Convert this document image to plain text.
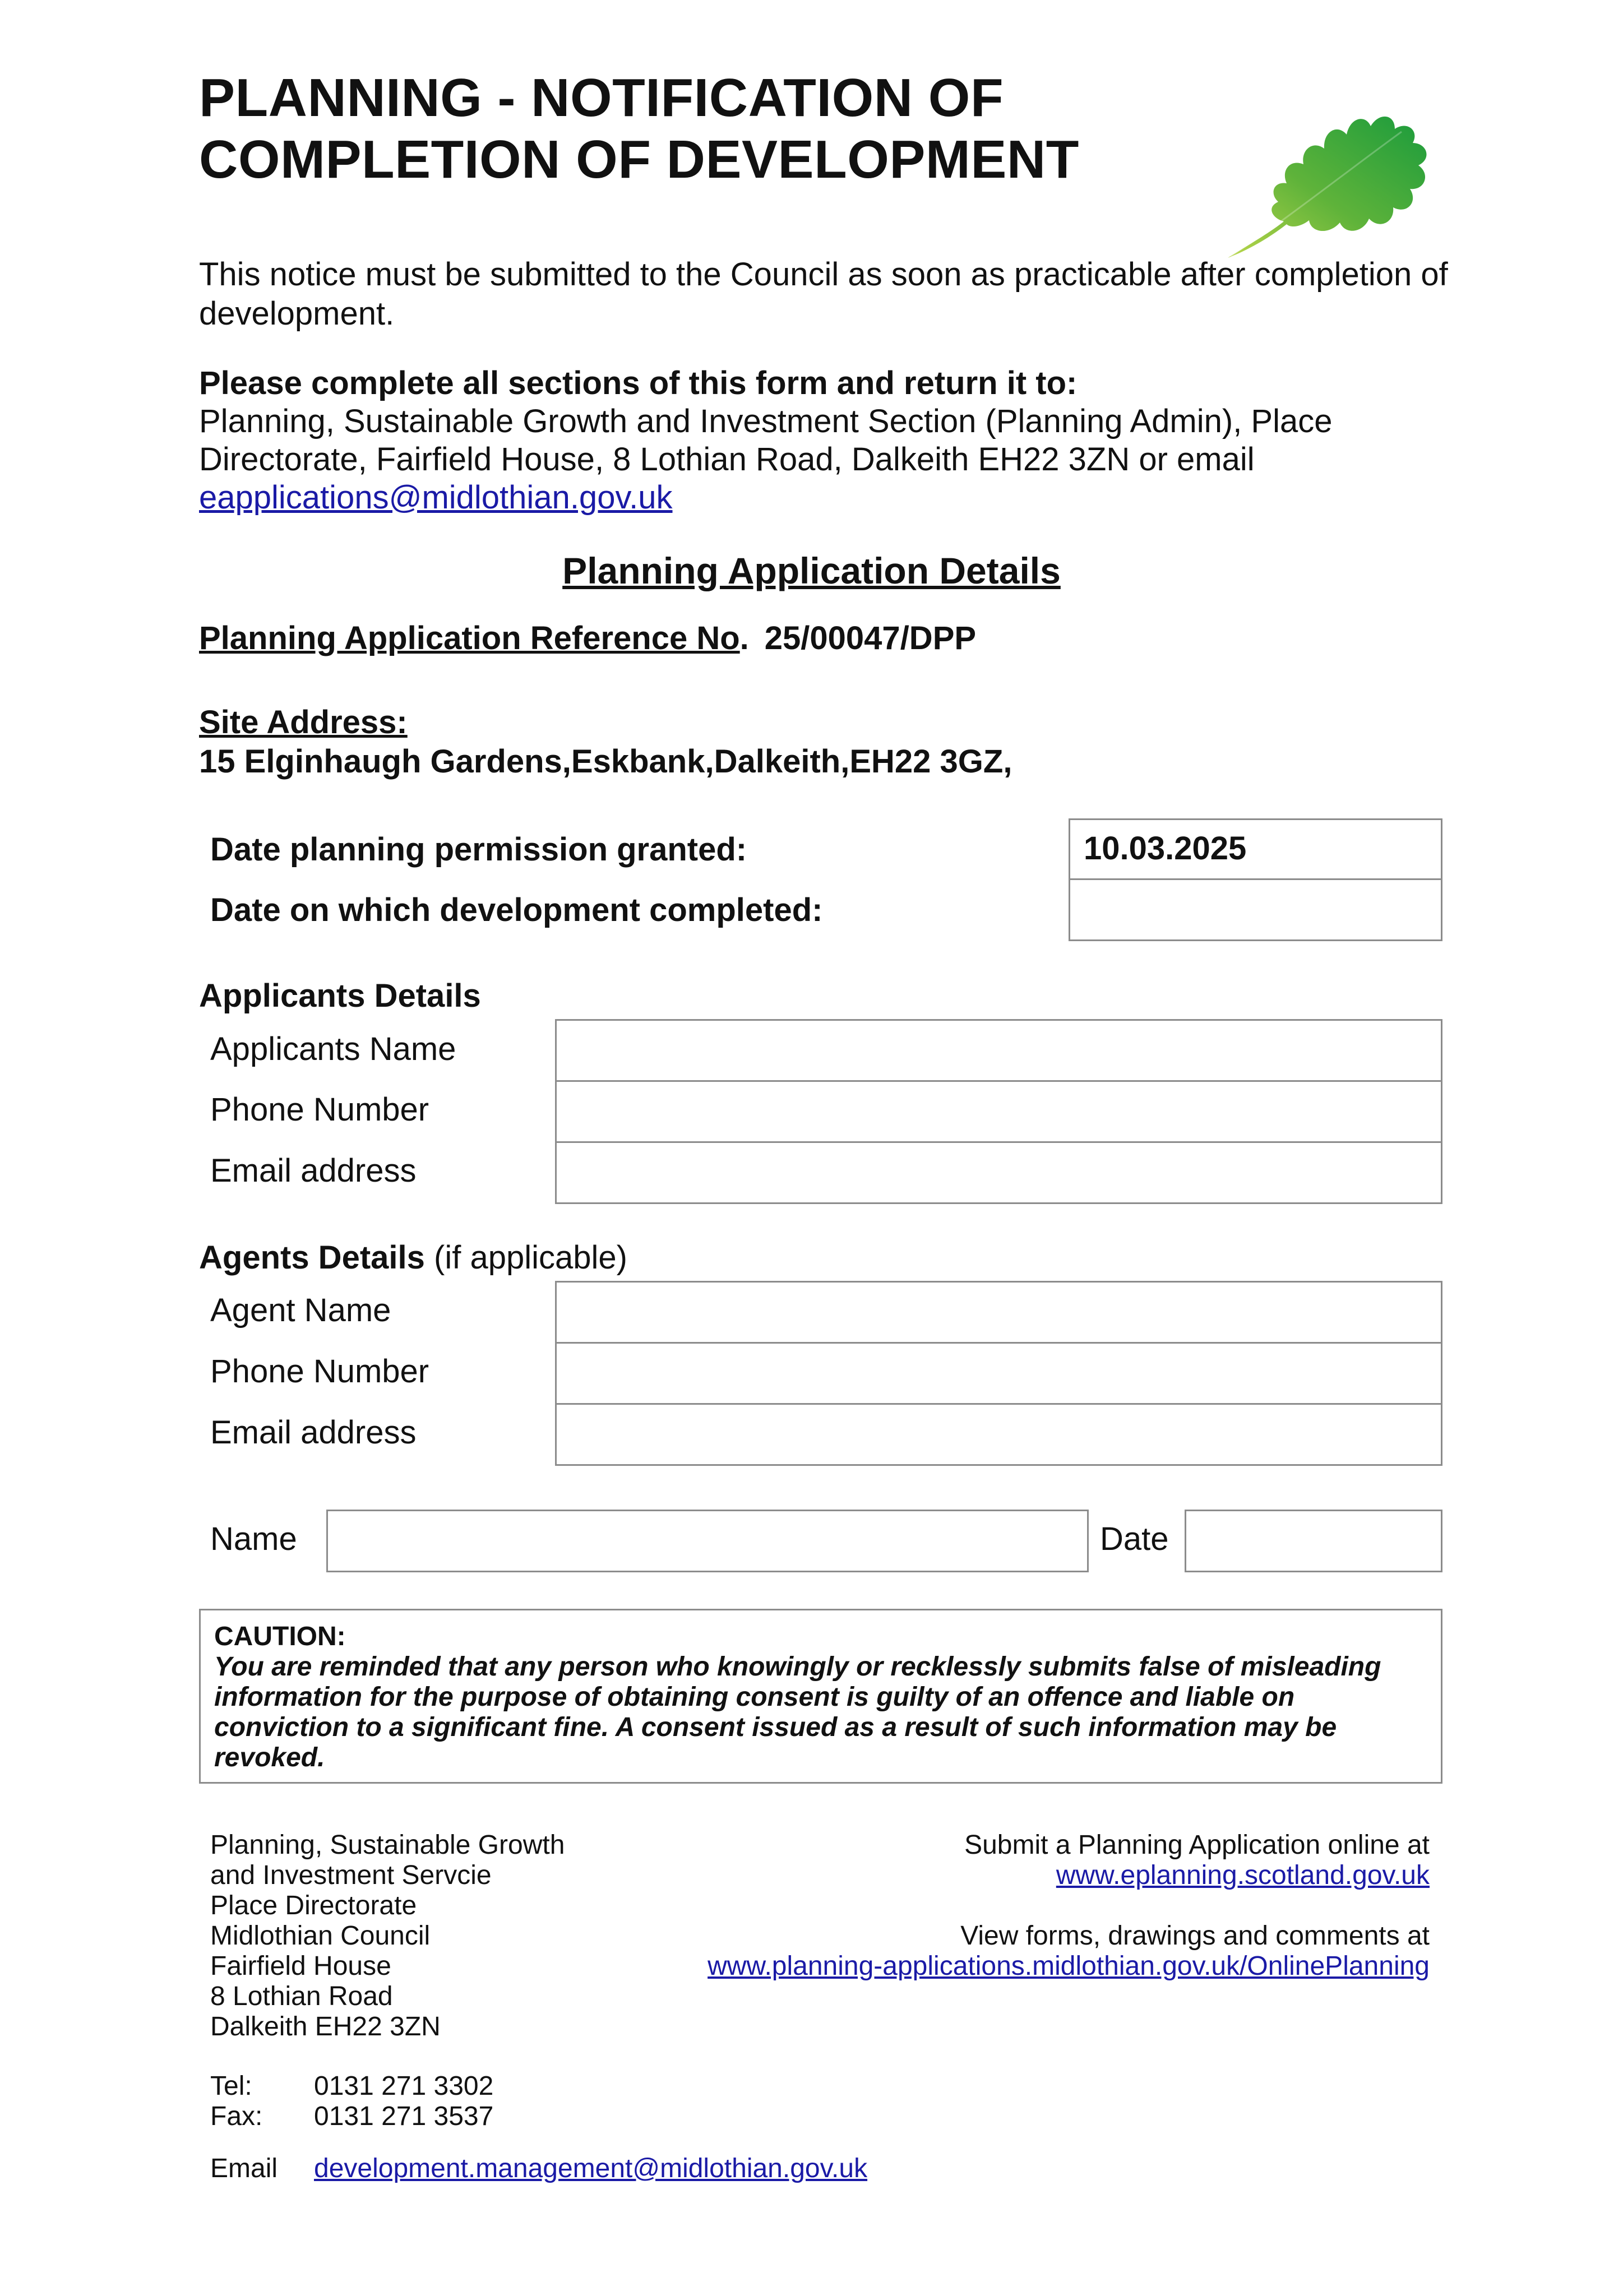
PLANNING - NOTIFICATION OF
COMPLETION OF DEVELOPMENT
This notice must be submitted to the Council as soon as practicable after completion of development.
Please complete all sections of this form and return it to:
Planning, Sustainable Growth and Investment Section (Planning Admin), Place Directorate, Fairfield House, 8 Lothian Road, Dalkeith EH22 3ZN or email
eapplications@midlothian.gov.uk
Planning Application Details
Planning Application Reference No. 25/00047/DPP
Site Address:
15 Elginhaugh Gardens,Eskbank,Dalkeith,EH22 3GZ,
Date planning permission granted:	10.03.2025
Date on which development completed:
Applicants Details
Applicants Name
Phone Number
Email address
Agents Details (if applicable)
Agent Name
Phone Number
Email address
Name	Date
CAUTION:
You are reminded that any person who knowingly or recklessly submits false of misleading information for the purpose of obtaining consent is guilty of an offence and liable on conviction to a significant fine. A consent issued as a result of such information may be revoked.
Planning, Sustainable Growth
and Investment Servcie
Place Directorate
Midlothian Council
Fairfield House
8 Lothian Road
Dalkeith EH22 3ZN
Submit a Planning Application online at
www.eplanning.scotland.gov.uk
View forms, drawings and comments at
www.planning-applications.midlothian.gov.uk/OnlinePlanning
Tel: 0131 271 3302
Fax: 0131 271 3537
Email development.management@midlothian.gov.uk
